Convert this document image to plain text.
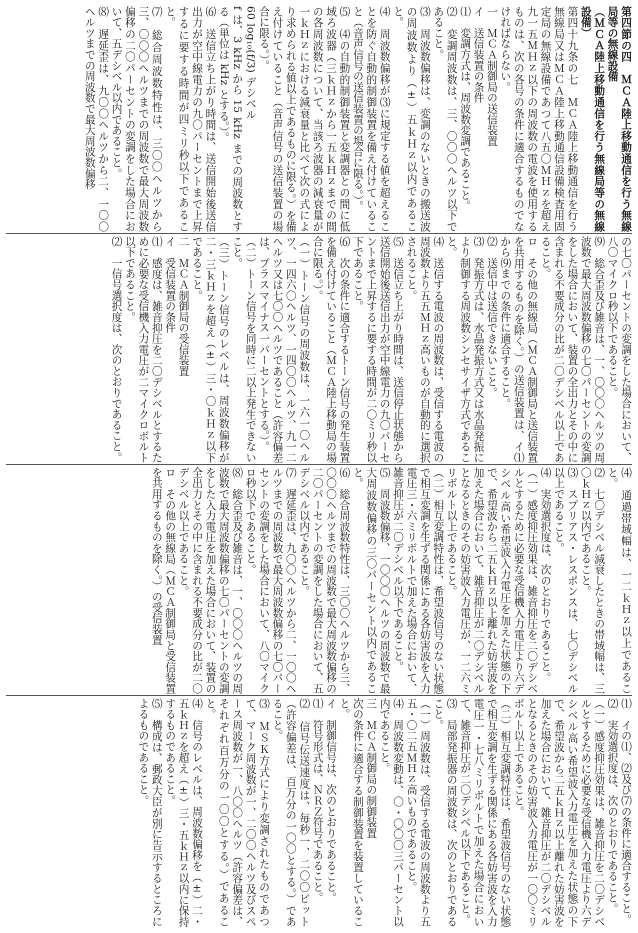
第四節の四　ＭＣＡ陸上移動通信を行う無線局等の無線設備

（ＭＣＡ陸上移動通信を行う無線局等の無線設備）

第四十九条の七　ＭＣＡ陸上移動通信を行う無線局又はＭＣＡ陸上移動通信設備検査用固定局の無線設備であつて八五〇ＭＨｚを超え九一五ＭＨｚ以下の周波数の電波を使用するものは、次の各号の条件に適合するものでなければならない。

一　ＭＣＡ制御局の送信装置

イ　送信装置の条件

⑴　変調方式は、周波数変調であること。

⑵　変調周波数は、三、〇〇〇ヘルツ以下であること。

⑶　周波数偏移は、変調のないときの搬送波の周波数より（±）五ｋＨｚ以内であること。

⑷　周波数偏移が⑶に規定する値を超えることを防ぐ自動的制御装置を備え付けていること（音声信号の送信装置の場合に限る。）。

⑸　⑷の自動的制御装置と変調器との間に低域ろ波器（三ｋＨｚから一五ｋＨｚまでの間の各周波数について、当該ろ波器の減衰量が一ｋＨｚにおける減衰量と比べて次の式により求められる値以上であるものに限る。）を備え付けていること（音声信号の送信装置の場合に限る。）。

60 log₁₀(f/3) デシベル

f は、3 kHz から 15 kHz までの周波数とする（単位は kHz とする。）。

⑹　送信立ち上がり時間は、送信開始後送信出力が空中線電力の九〇パーセントまで上昇するに要する時間が四ミリ秒以下であること。

⑺　総合周波数特性は、三〇〇ヘルツから三、〇〇〇ヘルツまでの周波数で最大周波数偏移の二〇パーセントの変調をした場合において、五デシベル以内であること。

⑻　遅延歪は、九〇〇ヘルツから二、一〇〇ヘルツまでの周波数で最大周波数偏移

の七〇パーセントの変調をした場合において、八〇マイクロ秒以下であること。

⑼　総合歪及び雑音は、一、〇〇〇ヘルツの周波数で最大周波数偏移の七〇パーセントの変調をした場合において、装置の全出力とその中に含まれる不要成分の比が二〇デシベル以上であること。

ロ　その他の無線局（ＭＣＡ制御局と送信装置を共用するものを除く。）の送信装置は、イ⑴から⑼までの条件に適合すること。

⑵　送信中は送信できないこと。

⑶　発振方式は、水晶発振方式又は水晶発振により制御する周波数シンセサイザ方式であること。

⑷　送信する電波の周波数は、受信する電波の周波数より五五ＭＨｚ高いものが自動的に選択されること。

⑸　送信立ち上がり時間は、送信停止状態から送信開始後送信出力が空中線電力の九〇パーセントまで上昇するに要する時間が二〇ミリ秒以下であること。

⑹　次の条件に適合するトーン信号の発生装置を備え付けていること（ＭＣＡ陸上移動局の場合に限る。）。

（一）トーン信号の周波数は、一六一〇ヘルツ、一四六〇ヘルツ、一四〇〇ヘルツ、九一二ヘルツ又は七〇〇ヘルツであること（許容偏差は、プラスマイナス一パーセントとする。）。

（二）トーン信号を同時に二以上発生できないこと。

（三）トーン信号のレベルは、周波数偏移が二・三ｋＨｚを超え（±）三・〇ｋＨｚ以下であること。

二　ＭＣＡ制御局の受信装置

イ　受信装置の条件

⑴　感度は、雑音抑圧を二〇デシベルとするために必要な受信機入力電圧が二マイクロボルト以下であること。

⑵　一信号選択度は、次のとおりであること。

⑷　通過帯域幅は、一二ｋＨｚ以上であること。

⑵　七〇デシベル減衰したときの帯域幅は、三〇ｋＨｚ以内であること。

⑶　スプリアス・レスポンスは、七〇デシベル以上であること。

⑷　実効選択度は、次のとおりであること。

（一）感度抑圧効果は、雑音抑圧を二〇デシベルとするために必要な受信機入力電圧より六デシベル高い希望波入力電圧を加えた状態の下で、希望波から二五ｋＨｚ以上離れた妨害波を加えた場合において、雑音抑圧が二〇デシベルとなるときのその妨害波入力電圧が、一二六ミリボルト以上であること。

（二）相互変調特性は、希望波信号のない状態で相互変調を生ずる関係にある各妨害波を入力電圧三・六ミリボルトで加えた場合において、雑音抑圧が二〇デシベル以下であること。

⑸　周波数偏移、一〇〇〇ヘルツの周波数で最大周波数偏移の三〇パーセント以内であること。

⑹　総合周波数特性は、三〇〇ヘルツから三、〇〇〇ヘルツまでの周波数で最大周波数偏移の二〇パーセントの変調をした場合において、五デシベル以内であること。

⑺　遅延歪は、九〇〇ヘルツから二、一〇〇ヘルツまでの周波数で最大周波数偏移の七〇パーセントの変調をした場合において、八〇マイクロ秒以下であること。

⑻　総合歪及び雑音は、一、〇〇〇ヘルツの周波数で最大周波数偏移の七〇パーセントの変調をした入力電圧を加えた場合において、装置の全出力とその中に含まれる不要成分の比が二〇デシベル以上であること。

ロ　その他の無線局（ＭＣＡ制御局と受信装置を共用するものを除く。）の受信装置

⑴　イの⑴、⑵及び⑺の条件に適合すること。

⑵　実効選択度は、次のとおりであること。

（一）感度抑圧効果は、雑音抑圧を二〇デシベルとするために必要な受信機入力電圧より六デシベル高い希望波入力電圧を加えた状態の下で、希望波から二五ｋＨｚ以上離れた妨害波を加えた場合において、雑音抑圧が二〇デシベルとなるときのその妨害波入力電圧が一〇〇ミリボルト以上であること。

（二）相互変調特性は、希望波信号のない状態で相互変調を生ずる関係にある各妨害波を入力電圧一・七八ミリボルトで加えた場合において、雑音抑圧が二〇デシベル以下であること。

⑶　局部発振器の周波数は、次のとおりであること。

（一）周波数は、受信する電波の周波数より五五・〇二五ＭＨｚ高いものであること。

⑷　周波数変動は、〇・〇〇〇三パーセント以内であること。

三　ＭＣＡ制御局の制御装置

次の条件に適合する制御装置を装置していること。

イ　制御信号は、次のとおりであること。

⑴　符号形式は、ＮＲＺ符号であること。

⑵　信号伝送速度は、毎秒一、二〇〇ビット（許容偏差は、百万分の一〇〇とする。）であること。

⑶　ＭＳＫ方式により変調されたものであつて、マーク周波数が一、二〇〇ヘルツ及びスペース周波数が一、八〇〇ヘルツ（許容偏差は、それぞれ百万分の一〇〇とする。）であること。

⑷　信号のレベルは、周波数偏移を（±）二・五ｋＨｚを超え（±）三・五ｋＨｚ以内に保持するものであること。

⑸　構成は、郵政大臣が別に告示するところによるものであること。
